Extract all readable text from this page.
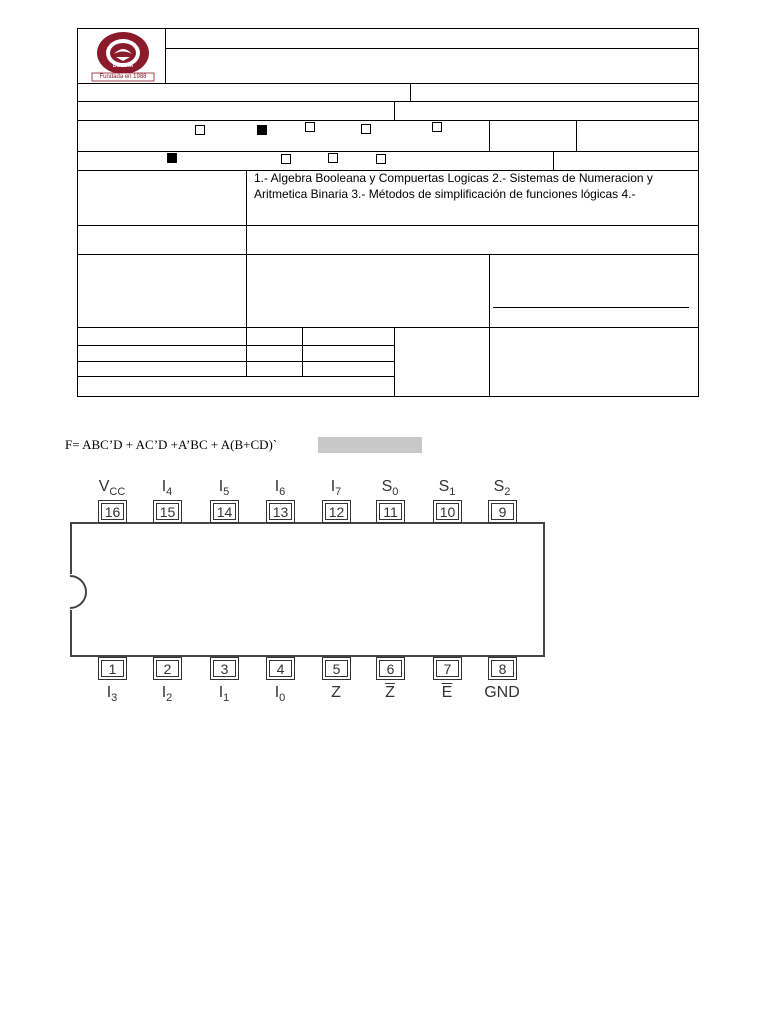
BOLIVIA
Fundada en 1988
1.- Algebra Booleana y Compuertas Logicas 2.- Sistemas de Numeracion y
Aritmetica Binaria 3.- Métodos de simplificación de funciones lógicas 4.-
F= ABC’D + AC’D +A’BC + A(B+CD)`
16
$V_{CC}$
15
$I_4$
14
$I_5$
13
$I_6$
12
$I_7$
11
$S_0$
10
$S_1$
9
$S_2$
1
$I_3$
2
$I_2$
3
$I_1$
4
$I_0$
5
Z
6
$\overline{Z}$
7
$\overline{E}$
8
GND
